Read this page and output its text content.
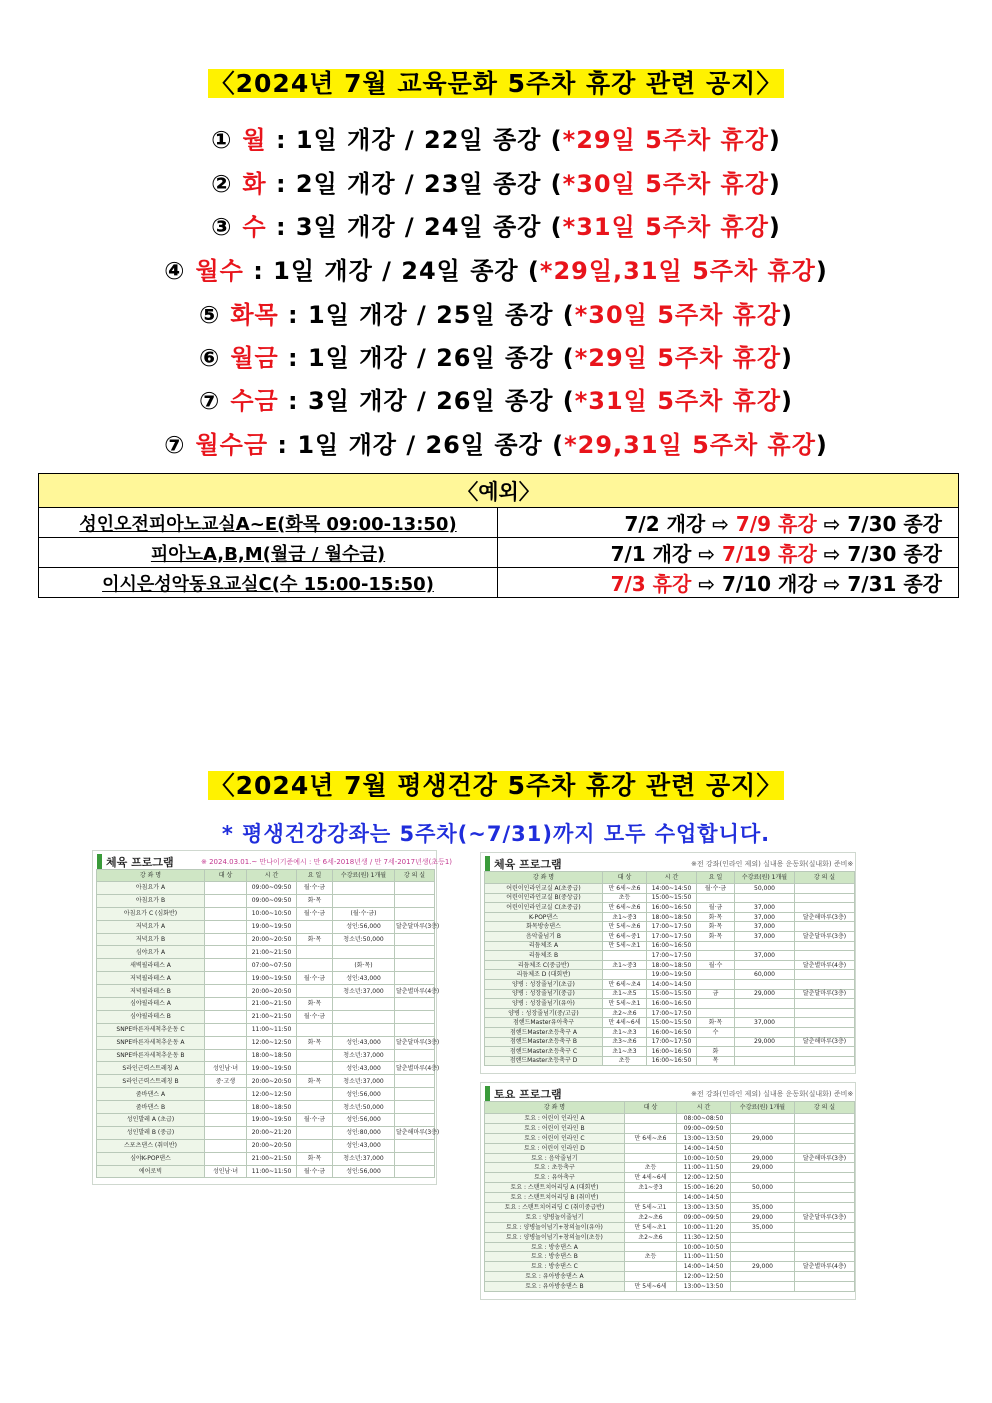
〈2024년 7월 교육문화 5주차 휴강 관련 공지〉
① 월 : 1일 개강 / 22일 종강 (*29일 5주차 휴강)
② 화 : 2일 개강 / 23일 종강 (*30일 5주차 휴강)
③ 수 : 3일 개강 / 24일 종강 (*31일 5주차 휴강)
④ 월수 : 1일 개강 / 24일 종강 (*29일,31일 5주차 휴강)
⑤ 화목 : 1일 개강 / 25일 종강 (*30일 5주차 휴강)
⑥ 월금 : 1일 개강 / 26일 종강 (*29일 5주차 휴강)
⑦ 수금 : 3일 개강 / 26일 종강 (*31일 5주차 휴강)
⑦ 월수금 : 1일 개강 / 26일 종강 (*29,31일 5주차 휴강)
〈예외〉	
성인오전피아노교실A~E(화목 09:00-13:50)	7/2 개강 ⇨ 7/9 휴강 ⇨ 7/30 종강
피아노A,B,M(월금 / 월수금)	7/1 개강 ⇨ 7/19 휴강 ⇨ 7/30 종강
이시은성악동요교실C(수 15:00-15:50)	7/3 휴강 ⇨ 7/10 개강 ⇨ 7/31 종강
〈2024년 7월 평생건강 5주차 휴강 관련 공지〉
* 평생건강강좌는 5주차(~7/31)까지 모두 수업합니다.
체육 프로그램	※ 2024.03.01.~ 만나이기준예시 : 만 6세-2018년생 / 만 7세-2017년생(초등1)
강 좌 명	대 상	시 간	요 일	수강료(원) 1개월	강 의 실
아침요가 A		09:00~09:50	월·수·금		
아침요가 B		09:00~09:50	화·목		
아침요가 C (심화반)		10:00~10:50	월·수·금	(월·수·금)	
저녁요가 A		19:00~19:50		성인:56,000	달춘달마루(3층)
저녁요가 B		20:00~20:50	화·목	청소년:50,000	
심야요가 A		21:00~21:50			
새벽필라테스 A		07:00~07:50		(화·목)	
저녁필라테스 A		19:00~19:50	월·수·금	성인:43,000	
저녁필라테스 B		20:00~20:50		청소년:37,000	달춘별마루(4층)
심야필라테스 A		21:00~21:50	화·목		
심야필라테스 B		21:00~21:50	월·수·금		
SNPE바른자세척추운동 C		11:00~11:50			
SNPE바른자세척추운동 A		12:00~12:50	화·목	성인:43,000	달춘달마루(3층)
SNPE바른자세척추운동 B		18:00~18:50		청소년:37,000	
S라인근력스트레칭 A	성인남·녀	19:00~19:50		성인:43,000	달춘별마루(4층)
S라인근력스트레칭 B	중·고생	20:00~20:50	화·목	청소년:37,000	
줌바댄스 A		12:00~12:50		성인:56,000	
줌바댄스 B		18:00~18:50		청소년:50,000	
성인발레 A (초급)		19:00~19:50	월·수·금	성인:56,000	
성인발레 B (중급)		20:00~21:20		성인:80,000	달춘해마루(3층)
스포츠댄스 (취미반)		20:00~20:50		성인:43,000	
심야K-POP댄스		21:00~21:50	화·목	청소년:37,000	
에어로빅	성인남·녀	11:00~11:50	월·수·금	성인:56,000	
체육 프로그램	※전 강좌(인라인 제외) 실내용 운동화(실내화) 준비※
강 좌 명	대 상	시 간	요 일	수강료(원) 1개월	강 의 실
어린이인라인교실 A(초중급)	만 6세~초6	14:00~14:50	월·수·금	50,000	
어린이인라인교실 B(중상급)	초등	15:00~15:50			
어린이인라인교실 C(초중급)	만 6세~초6	16:00~16:50	월·금	37,000	
K-POP댄스	초1~중3	18:00~18:50	화·목	37,000	달춘해마루(3층)
화목방송댄스	만 5세~초6	17:00~17:50	화·목	37,000	
음악줄넘기 B	만 6세~중1	17:00~17:50	화·목	37,000	달춘달마루(3층)
리듬체조 A	만 5세~초1	16:00~16:50			
리듬체조 B		17:00~17:50		37,000	
리듬체조 C(중급반)	초1~중3	18:00~18:50	월·수		달춘별마루(4층)
리듬체조 D (대회반)		19:00~19:50		60,000	
양병 : 성장줄넘기(초급)	만 6세~초4	14:00~14:50			
양병 : 성장줄넘기(중급)	초1~초5	15:00~15:50	금	29,000	달춘달마루(3층)
양병 : 성장줄넘기(유아)	만 5세~초1	16:00~16:50			
양병 : 성장줄넘기(중/고급)	초2~초6	17:00~17:50			
점핸드Master유아축구	만 4세~6세	15:00~15:50	화·목	37,000	
점핸드Master초등축구 A	초1~초3	16:00~16:50	수		
점핸드Master초등축구 B	초3~초6	17:00~17:50		29,000	달춘해마루(3층)
점핸드Master초등축구 C	초1~초3	16:00~16:50	화		
점핸드Master초등축구 D	초등	16:00~16:50	목		
토요 프로그램	※전 강좌(인라인 제외) 실내용 운동화(실내화) 준비※
강 좌 명	대 상	시 간	수강료(원) 1개월	강 의 실
토요 : 어린이 인라인 A		08:00~08:50		
토요 : 어린이 인라인 B		09:00~09:50		
토요 : 어린이 인라인 C	만 6세~초6	13:00~13:50	29,000	
토요 : 어린이 인라인 D		14:00~14:50		
토요 : 음악줄넘기		10:00~10:50	29,000	달춘해마루(3층)
토요 : 초등축구	초등	11:00~11:50	29,000	
토요 : 유아축구	만 4세~6세	12:00~12:50		
토요 : 스탠트치어리딩 A (대회반)	초1~중3	15:00~16:20	50,000	
토요 : 스탠트치어리딩 B (취미반)		14:00~14:50		
토요 : 스탠트치어리딩 C (취미중급반)	만 5세~고1	13:00~13:50	35,000	
토요 : 양병놀이줄넘기	초2~초6	09:00~09:50	29,000	달춘달마루(3층)
토요 : 양병놀이넘기+창의놀이(유아)	만 5세~초1	10:00~11:20	35,000	
토요 : 양병놀이넘기+창의놀이(초등)	초2~초6	11:30~12:50		
토요 : 방송댄스 A		10:00~10:50		
토요 : 방송댄스 B	초등	11:00~11:50		
토요 : 방송댄스 C		14:00~14:50	29,000	달춘별마루(4층)
토요 : 유아방송댄스 A		12:00~12:50		
토요 : 유아방송댄스 B	만 5세~6세	13:00~13:50		
